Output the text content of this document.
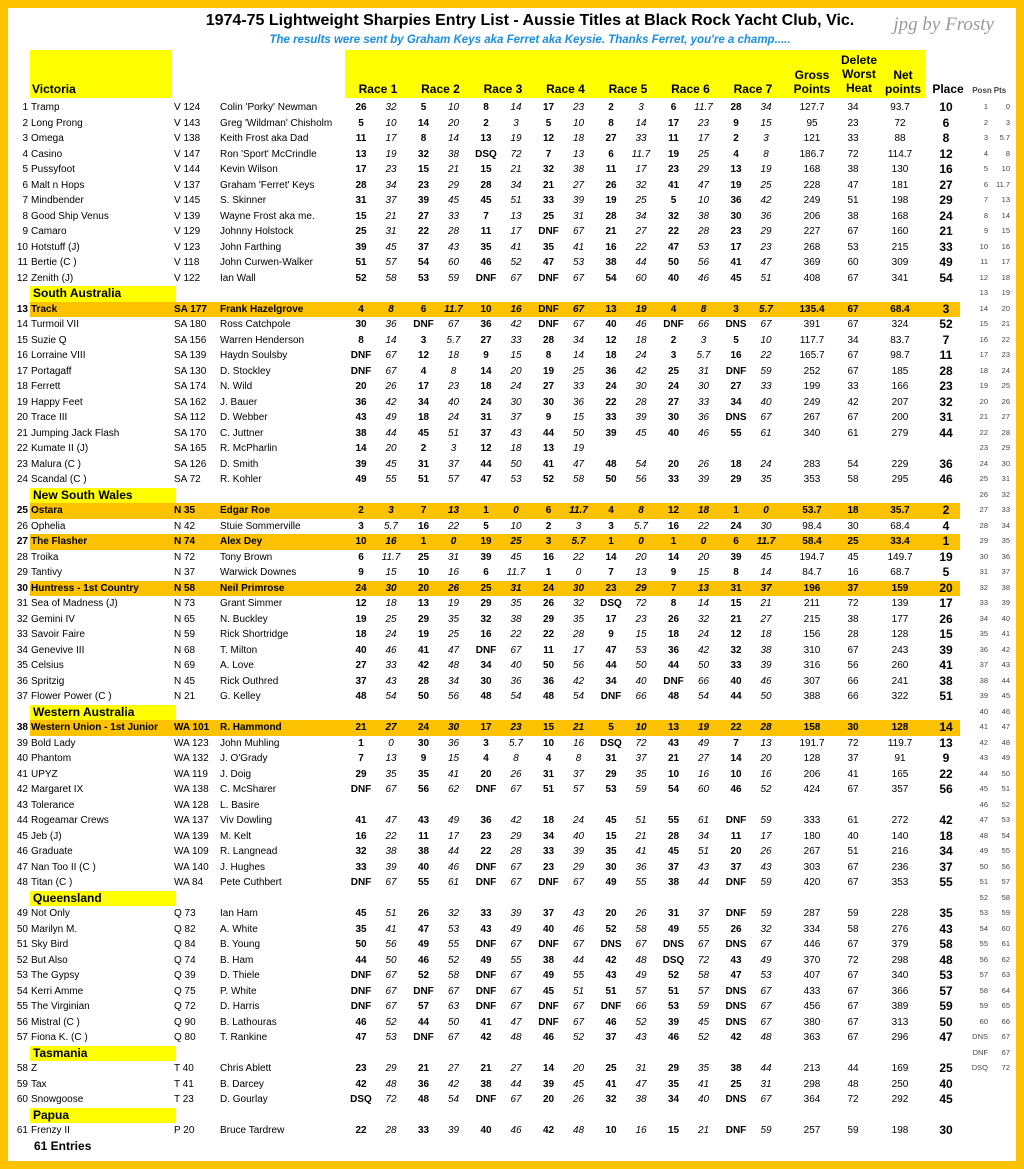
1974-75 Lightweight Sharpies Entry List - Aussie Titles at Black Rock Yacht Club, Vic.	jpg by Frosty
The results were sent by Graham Keys aka Ferret aka Keysie. Thanks Ferret, you're a champ.....
Victoria	Race 1	Race 2	Race 3	Race 4	Race 5	Race 6	Race 7
Gross Points
Delete Worst Heat
Net points Place	Posn Pts
1 Tramp	V 124 Colin 'Porky' Newman	26	32	5	10	8	14	17	23	2	3	6	11.7	28	34	127.7	34	93.7	10
2 Long Prong	V 143 Greg 'Wildman' Chisholm	5	10	14	20	2	3	5	10	8	14	17	23	9	15	95	23	72	6
3 Omega	V 138 Keith Frost aka Dad	11	17	8	14	13	19	12	18	27	33	11	17	2	3	121	33	88	8
4 Casino	V 147 Ron 'Sport' McCrindle	13	19	32	38	DSQ	72	7	13	6	11.7	19	25	4	8	186.7	72	114.7	12
5 Pussyfoot	V 144 Kevin Wilson	17	23	15	21	15	21	32	38	11	17	23	29	13	19	168	38	130	16
6 Malt n Hops	V 137 Graham 'Ferret' Keys	28	34	23	29	28	34	21	27	26	32	41	47	19	25	228	47	181	27
7 Mindbender	V 145 S. Skinner	31	37	39	45	45	51	33	39	19	25	5	10	36	42	249	51	198	29
8 Good Ship Venus	V 139 Wayne Frost aka me.	15	21	27	33	7	13	25	31	28	34	32	38	30	36	206	38	168	24
9 Camaro	V 129 Johnny Holstock	25	31	22	28	11	17	DNF	67	21	27	22	28	23	29	227	67	160	21
10 Hotstuff (J)	V 123 John Farthing	39	45	37	43	35	41	35	41	16	22	47	53	17	23	268	53	215	33
11 Bertie (C )	V 118 John Curwen-Walker	51	57	54	60	46	52	47	53	38	44	50	56	41	47	369	60	309	49
12 Zenith (J)	V 122 Ian Wall	52	58	53	59	DNF	67	DNF	67	54	60	40	46	45	51	408	67	341	54
South Australia
13 Track	SA 177 Frank Hazelgrove	4	8	6	11.7	10	16	DNF	67	13	19	4	8	3	5.7	135.4	67	68.4	3
14 Turmoil VII	SA 180 Ross Catchpole	30	36	DNF	67	36	42	DNF	67	40	46	DNF	66	DNS	67	391	67	324	52
15 Suzie Q	SA 156 Warren Henderson	8	14	3	5.7	27	33	28	34	12	18	2	3	5	10	117.7	34	83.7	7
16 Lorraine VIII	SA 139 Haydn Soulsby	DNF	67	12	18	9	15	8	14	18	24	3	5.7	16	22	165.7	67	98.7	11
17 Portagaff	SA 130 D. Stockley	DNF	67	4	8	14	20	19	25	36	42	25	31	DNF	59	252	67	185	28
18 Ferrett	SA 174 N. Wild	20	26	17	23	18	24	27	33	24	30	24	30	27	33	199	33	166	23
19 Happy Feet	SA 162 J. Bauer	36	42	34	40	24	30	30	36	22	28	27	33	34	40	249	42	207	32
20 Trace III	SA 112 D. Webber	43	49	18	24	31	37	9	15	33	39	30	36	DNS	67	267	67	200	31
21 Jumping Jack Flash	SA 170 C. Juttner	38	44	45	51	37	43	44	50	39	45	40	46	55	61	340	61	279	44
22 Kumate II (J)	SA 165 R. McPharlin	14	20	2	3	12	18	13	19
23 Malura (C )	SA 126 D. Smith	39	45	31	37	44	50	41	47	48	54	20	26	18	24	283	54	229	36
24 Scandal (C )	SA 72 R. Kohler	49	55	51	57	47	53	52	58	50	56	33	39	29	35	353	58	295	46
New South Wales
25 Ostara	N 35 Edgar Roe	2	3	7	13	1	0	6	11.7	4	8	12	18	1	0	53.7	18	35.7	2
26 Ophelia	N 42 Stuie Sommerville	3	5.7	16	22	5	10	2	3	3	5.7	16	22	24	30	98.4	30	68.4	4
27 The Flasher	N 74 Alex Dey	10	16	1	0	19	25	3	5.7	1	0	1	0	6	11.7	58.4	25	33.4	1
28 Troika	N 72 Tony Brown	6	11.7	25	31	39	45	16	22	14	20	14	20	39	45	194.7	45	149.7	19
29 Tantivy	N 37 Warwick Downes	9	15	10	16	6	11.7	1	0	7	13	9	15	8	14	84.7	16	68.7	5
30 Huntress - 1st Country	N 58 Neil Primrose	24	30	20	26	25	31	24	30	23	29	7	13	31	37	196	37	159	20
31 Sea of Madness (J)	N 73 Grant Simmer	12	18	13	19	29	35	26	32	DSQ	72	8	14	15	21	211	72	139	17
32 Gemini IV	N 65 N. Buckley	19	25	29	35	32	38	29	35	17	23	26	32	21	27	215	38	177	26
33 Savoir Faire	N 59 Rick Shortridge	18	24	19	25	16	22	22	28	9	15	18	24	12	18	156	28	128	15
34 Genevive III	N 68 T. Milton	40	46	41	47	DNF	67	11	17	47	53	36	42	32	38	310	67	243	39
35 Celsius	N 69 A. Love	27	33	42	48	34	40	50	56	44	50	44	50	33	39	316	56	260	41
36 Spritzig	N 45 Rick Outhred	37	43	28	34	30	36	36	42	34	40	DNF	66	40	46	307	66	241	38
37 Flower Power (C )	N 21 G. Kelley	48	54	50	56	48	54	48	54	DNF	66	48	54	44	50	388	66	322	51
Western Australia
38 Western Union - 1st Junior WA 101 R. Hammond	21	27	24	30	17	23	15	21	5	10	13	19	22	28	158	30	128	14
39 Bold Lady	WA 123 John Muhling	1	0	30	36	3	5.7	10	16	DSQ	72	43	49	7	13	191.7	72	119.7	13
40 Phantom	WA 132 J. O'Grady	7	13	9	15	4	8	4	8	31	37	21	27	14	20	128	37	91	9
41 UPYZ	WA 119 J. Doig	29	35	35	41	20	26	31	37	29	35	10	16	10	16	206	41	165	22
42 Margaret IX	WA 138 C. McSharer	DNF	67	56	62	DNF	67	51	57	53	59	54	60	46	52	424	67	357	56
43 Tolerance	WA 128 L. Basire
44 Rogeamar Crews	WA 137 Viv Dowling	41	47	43	49	36	42	18	24	45	51	55	61	DNF	59	333	61	272	42
45 Jeb (J)	WA 139 M. Kelt	16	22	11	17	23	29	34	40	15	21	28	34	11	17	180	40	140	18
46 Graduate	WA 109 R. Langnead	32	38	38	44	22	28	33	39	35	41	45	51	20	26	267	51	216	34
47 Nan Too II (C )	WA 140 J. Hughes	33	39	40	46	DNF	67	23	29	30	36	37	43	37	43	303	67	236	37
48 Titan (C )	WA 84 Pete Cuthbert	DNF	67	55	61	DNF	67	DNF	67	49	55	38	44	DNF	59	420	67	353	55
Queensland
49 Not Only	Q 73 Ian Ham	45	51	26	32	33	39	37	43	20	26	31	37	DNF	59	287	59	228	35
50 Marilyn M.	Q 82 A. White	35	41	47	53	43	49	40	46	52	58	49	55	26	32	334	58	276	43
51 Sky Bird	Q 84 B. Young	50	56	49	55	DNF	67	DNF	67	DNS	67	DNS	67	DNS	67	446	67	379	58
52 But Also	Q 74 B. Ham	44	50	46	52	49	55	38	44	42	48	DSQ	72	43	49	370	72	298	48
53 The Gypsy	Q 39 D. Thiele	DNF	67	52	58	DNF	67	49	55	43	49	52	58	47	53	407	67	340	53
54 Kerri Amme	Q 75 P. White	DNF	67	DNF	67	DNF	67	45	51	51	57	51	57	DNS	67	433	67	366	57
55 The Virginian	Q 72 D. Harris	DNF	67	57	63	DNF	67	DNF	67	DNF	66	53	59	DNS	67	456	67	389	59
56 Mistral (C )	Q 90 B. Lathouras	46	52	44	50	41	47	DNF	67	46	52	39	45	DNS	67	380	67	313	50
57 Fiona K. (C )	Q 80 T. Rankine	47	53	DNF	67	42	48	46	52	37	43	46	52	42	48	363	67	296	47
Tasmania
58 Z	T 40	Chris Ablett	23	29	21	27	21	27	14	20	25	31	29	35	38	44	213	44	169	25
59 Tax	T 41	B. Darcey	42	48	36	42	38	44	39	45	41	47	35	41	25	31	298	48	250	40
60 Snowgoose	T 23	D. Gourlay	DSQ	72	48	54	DNF	67	20	26	32	38	34	40	DNS	67	364	72	292	45
Papua
61 Frenzy II	P 20	Bruce Tardrew	22	28	33	39	40	46	42	48	10	16	15	21	DNF	59	257	59	198	30
61 Entries
1	0
2	3
3	5.7
4	8
5	10
6 11.7
7	13
8	14
9	15
10	16
11	17
12	18
13	19
14	20
15	21
16	22
17	23
18	24
19	25
20	26
21	27
22	28
23	29
24	30
25	31
26	32
27	33
28	34
29	35
30	36
31	37
32	38
33	39
34	40
35	41
36	42
37	43
38	44
39	45
40	46
41	47
42	48
43	49
44	50
45	51
46	52
47	53
48	54
49	55
50	56
51	57
52	58
53	59
54	60
55	61
56	62
57	63
58	64
59	65
60	66
DNS	67
DNF	67
DSQ	72
